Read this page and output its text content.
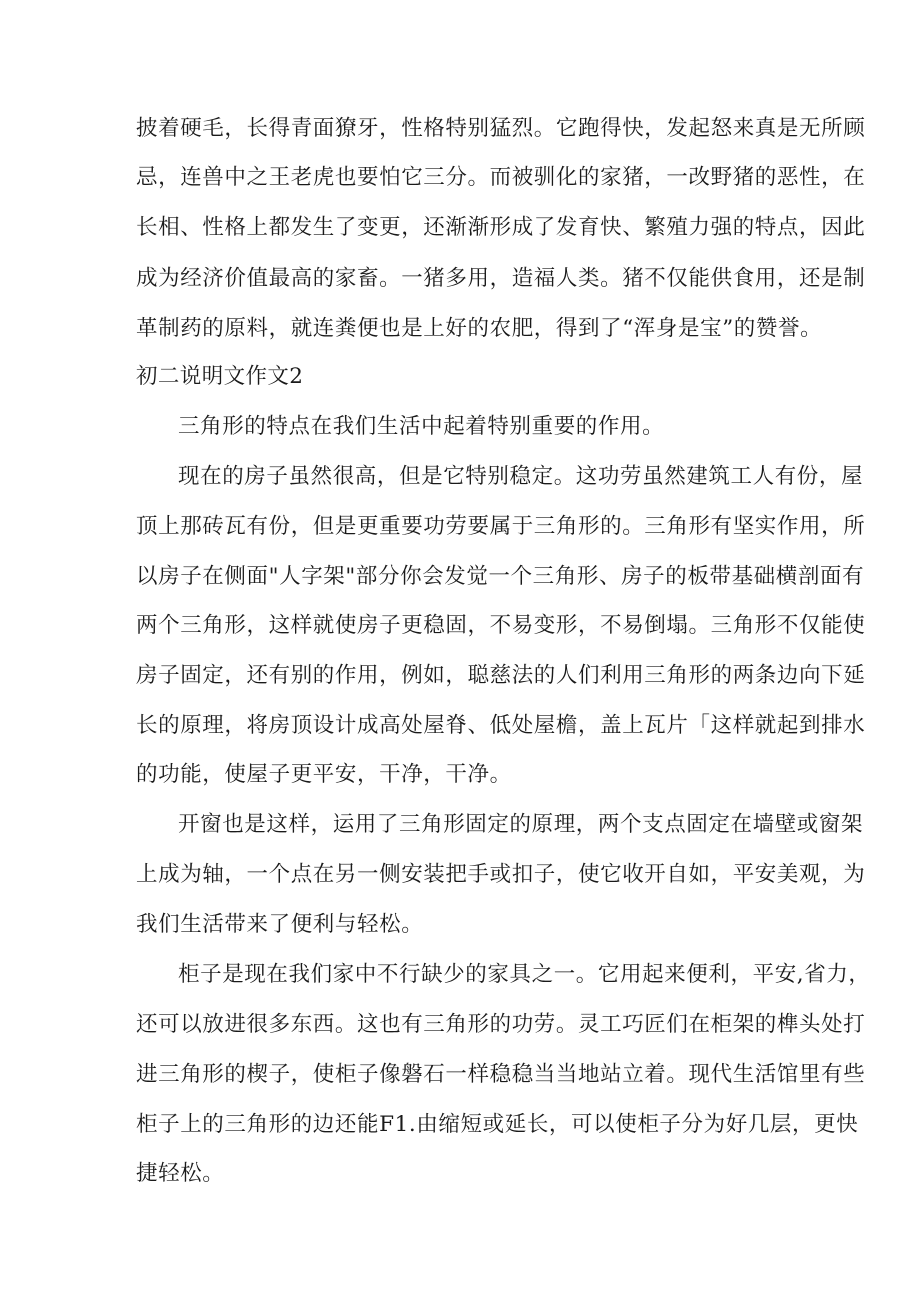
披着硬毛，长得青面獠牙，性格特别猛烈。它跑得快，发起怒来真是无所顾
忌，连兽中之王老虎也要怕它三分。而被驯化的家猪，一改野猪的恶性，在
长相、性格上都发生了变更，还渐渐形成了发育快、繁殖力强的特点，因此
成为经济价值最高的家畜。一猪多用，造福人类。猪不仅能供食用，还是制
革制药的原料，就连粪便也是上好的农肥，得到了“浑身是宝”的赞誉。
初二说明文作文2
三角形的特点在我们生活中起着特别重要的作用。
现在的房子虽然很高，但是它特别稳定。这功劳虽然建筑工人有份，屋
顶上那砖瓦有份，但是更重要功劳要属于三角形的。三角形有坚实作用，所
以房子在侧面"人字架"部分你会发觉一个三角形、房子的板带基础横剖面有
两个三角形，这样就使房子更稳固，不易变形，不易倒塌。三角形不仅能使
房子固定，还有别的作用，例如，聪慈法的人们利用三角形的两条边向下延
长的原理，将房顶设计成高处屋脊、低处屋檐，盖上瓦片「这样就起到排水
的功能，使屋子更平安，干净，干净。
开窗也是这样，运用了三角形固定的原理，两个支点固定在墙壁或窗架
上成为轴，一个点在另一侧安装把手或扣子，使它收开自如，平安美观，为
我们生活带来了便利与轻松。
柜子是现在我们家中不行缺少的家具之一。它用起来便利，平安,省力，
还可以放进很多东西。这也有三角形的功劳。灵工巧匠们在柜架的榫头处打
进三角形的楔子，使柜子像磐石一样稳稳当当地站立着。现代生活馆里有些
柜子上的三角形的边还能F1.由缩短或延长，可以使柜子分为好几层，更快
捷轻松。
